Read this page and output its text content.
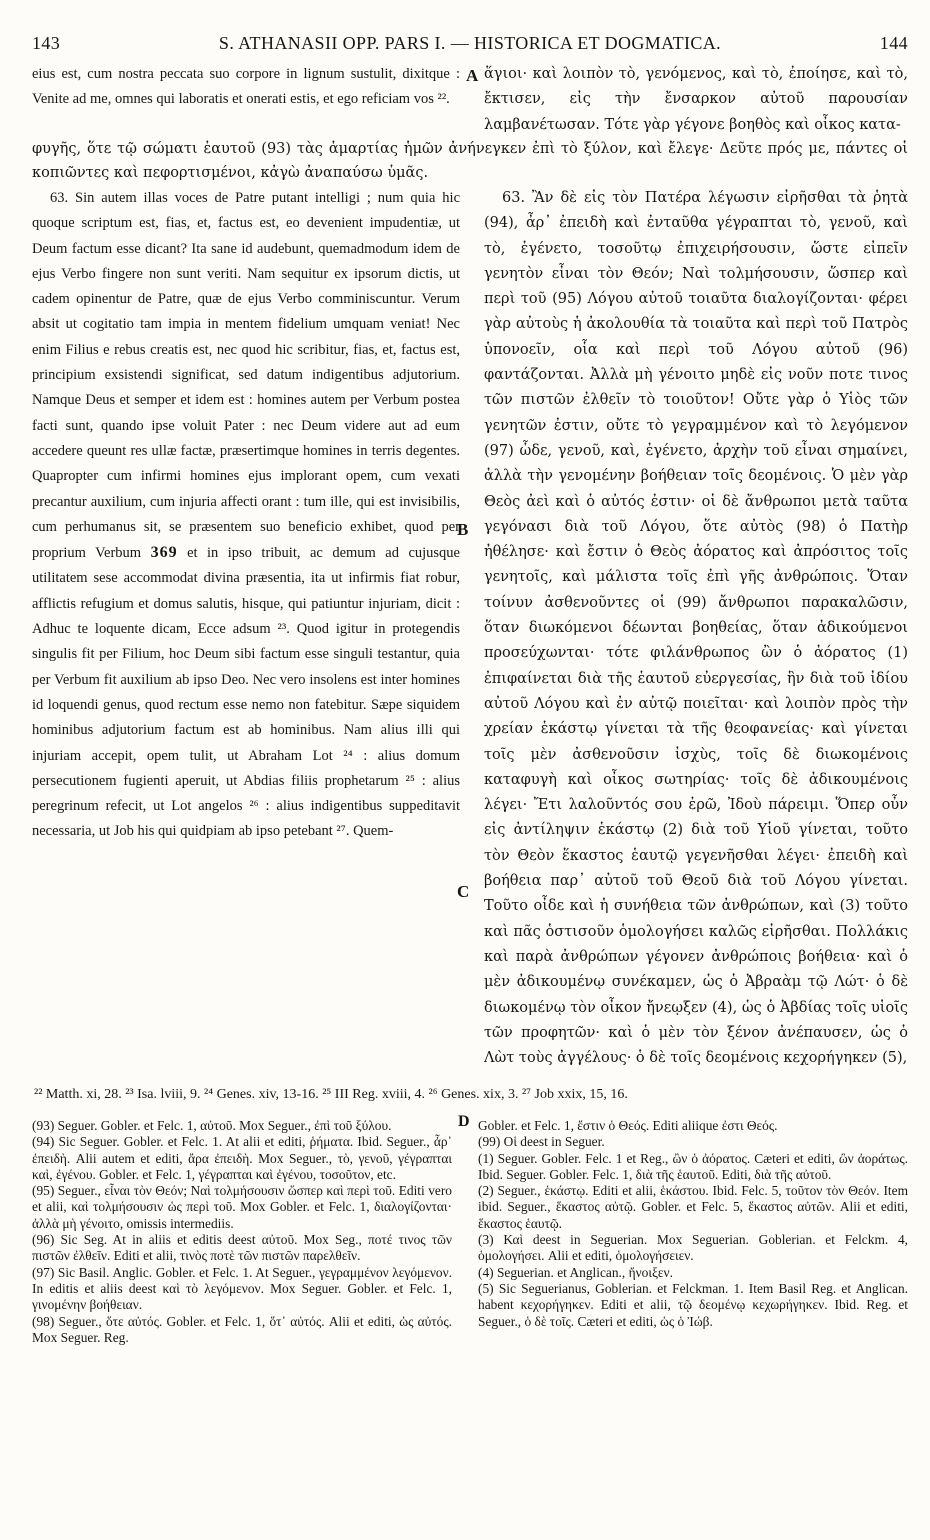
143	S. ATHANASII OPP. PARS I. — HISTORICA ET DOGMATICA.	144

eius est, cum nostra peccata suo corpore in lignum sustulit, dixitque : Venite ad me, omnes qui laboratis et onerati estis, et ego reficiam vos ²².

ἅγιοι· καὶ λοιπὸν τὸ, γενόμενος, καὶ τὸ, ἐποίησε, καὶ τὸ, ἔκτισεν, εἰς τὴν ἔνσαρκον αὐτοῦ παρουσίαν λαμβανέτωσαν. Τότε γὰρ γέγονε βοηθὸς καὶ οἶκος κατα-

A
φυγῆς, ὅτε τῷ σώματι ἑαυτοῦ (93) τὰς ἁμαρτίας ἡμῶν ἀνήνεγκεν ἐπὶ τὸ ξύλον, καὶ ἔλεγε· Δεῦτε πρός με, πάντες οἱ κοπιῶντες καὶ πεφορτισμένοι, κἀγὼ ἀναπαύσω ὑμᾶς.

63. Sin autem illas voces de Patre putant intelligi ; num quia hic quoque scriptum est, fias, et, factus est, eo devenient impudentiæ, ut Deum factum esse dicant? Ita sane id audebunt, quemadmodum idem de ejus Verbo fingere non sunt veriti. Nam sequitur ex ipsorum dictis, ut cadem opinentur de Patre, quæ de ejus Verbo comminiscuntur. Verum absit ut cogitatio tam impia in mentem fidelium umquam veniat! Nec enim Filius e rebus creatis est, nec quod hic scribitur, fias, et, factus est, principium exsistendi significat, sed datum indigentibus adjutorium. Namque Deus et semper et idem est : homines autem per Verbum postea facti sunt, quando ipse voluit Pater : nec Deum videre aut ad eum accedere queunt res ullæ factæ, præsertimque homines in terris degentes. Quapropter cum infirmi homines ejus implorant opem, cum vexati precantur auxilium, cum injuria affecti orant : tum ille, qui est invisibilis, cum perhumanus sit, se præsentem suo beneficio exhibet, quod per proprium Verbum 369 et in ipso tribuit, ac demum ad cujusque utilitatem sese accommodat divina præsentia, ita ut infirmis fiat robur, afflictis refugium et domus salutis, hisque, qui patiuntur injuriam, dicit : Adhuc te loquente dicam, Ecce adsum ²³. Quod igitur in protegendis singulis fit per Filium, hoc Deum sibi factum esse singuli testantur, quia per Verbum fit auxilium ab ipso Deo. Nec vero insolens est inter homines id loquendi genus, quod rectum esse nemo non fatebitur. Sæpe siquidem hominibus adjutorium factum est ab hominibus. Nam alius illi qui injuriam accepit, opem tulit, ut Abraham Lot ²⁴ : alius domum persecutionem fugienti aperuit, ut Abdias filiis prophetarum ²⁵ : alius peregrinum refecit, ut Lot angelos ²⁶ : alius indigentibus suppeditavit necessaria, ut Job his qui quidpiam ab ipso petebant ²⁷. Quem-

63. Ἂν δὲ εἰς τὸν Πατέρα λέγωσιν εἰρῆσθαι τὰ ῥητὰ (94), ἆρ᾽ ἐπειδὴ καὶ ἐνταῦθα γέγραπται τὸ, γενοῦ, καὶ τὸ, ἐγένετο, τοσοῦτῳ ἐπιχειρήσουσιν, ὥστε εἰπεῖν γενητὸν εἶναι τὸν Θεόν; Ναὶ τολμήσουσιν, ὥσπερ καὶ περὶ τοῦ (95) Λόγου αὐτοῦ τοιαῦτα διαλογίζονται· φέρει γὰρ αὐτοὺς ἡ ἀκολουθία τὰ τοιαῦτα καὶ περὶ τοῦ Πατρὸς ὑπονοεῖν, οἷα καὶ περὶ τοῦ Λόγου αὐτοῦ (96) φαντάζονται. Ἀλλὰ μὴ γένοιτο μηδὲ εἰς νοῦν ποτε τινος τῶν πιστῶν ἐλθεῖν τὸ τοιοῦτον! Οὔτε γὰρ ὁ Υἱὸς τῶν γενητῶν ἐστιν, οὔτε τὸ γεγραμμένον καὶ τὸ λεγόμενον (97) ὧδε, γενοῦ, καὶ, ἐγένετο, ἀρχὴν τοῦ εἶναι σημαίνει, ἀλλὰ τὴν γενομένην βοήθειαν τοῖς δεομένοις. Ὁ μὲν γὰρ Θεὸς ἀεὶ καὶ ὁ αὐτός ἐστιν· οἱ δὲ ἄνθρωποι μετὰ ταῦτα γεγόνασι διὰ τοῦ Λόγου, ὅτε αὐτὸς (98) ὁ Πατὴρ ἠθέλησε· καὶ ἔστιν ὁ Θεὸς ἀόρατος καὶ ἀπρόσιτος τοῖς γενητοῖς, καὶ μάλιστα τοῖς ἐπὶ γῆς ἀνθρώποις. Ὅταν τοίνυν ἀσθενοῦντες οἱ (99) ἄνθρωποι παρακαλῶσιν, ὅταν διωκόμενοι δέωνται βοηθείας, ὅταν ἀδικούμενοι προσεύχωνται· τότε φιλάνθρωπος ὢν ὁ ἀόρατος (1) ἐπιφαίνεται διὰ τῆς ἑαυτοῦ εὐεργεσίας, ἣν διὰ τοῦ ἰδίου αὐτοῦ Λόγου καὶ ἐν αὐτῷ ποιεῖται· καὶ λοιπὸν πρὸς τὴν χρείαν ἑκάστῳ γίνεται τὰ τῆς θεοφανείας· καὶ γίνεται τοῖς μὲν ἀσθενοῦσιν ἰσχὺς, τοῖς δὲ διωκομένοις καταφυγὴ καὶ οἶκος σωτηρίας· τοῖς δὲ ἀδικουμένοις λέγει· Ἔτι λαλοῦντός σου ἐρῶ, Ἰδοὺ πάρειμι. Ὅπερ οὖν εἰς ἀντίληψιν ἑκάστῳ (2) διὰ τοῦ Υἱοῦ γίνεται, τοῦτο τὸν Θεὸν ἕκαστος ἑαυτῷ γεγενῆσθαι λέγει· ἐπειδὴ καὶ βοήθεια παρ᾽ αὐτοῦ τοῦ Θεοῦ διὰ τοῦ Λόγου γίνεται. Τοῦτο οἶδε καὶ ἡ συνήθεια τῶν ἀνθρώπων, καὶ (3) τοῦτο καὶ πᾶς ὁστισοῦν ὁμολογήσει καλῶς εἰρῆσθαι. Πολλάκις καὶ παρὰ ἀνθρώπων γέγονεν ἀνθρώποις βοήθεια· καὶ ὁ μὲν ἀδικουμένῳ συνέκαμεν, ὡς ὁ Ἀβραὰμ τῷ Λώτ· ὁ δὲ διωκομένῳ τὸν οἶκον ἤνεῳξεν (4), ὡς ὁ Ἀβδίας τοῖς υἱοῖς τῶν προφητῶν· καὶ ὁ μὲν τὸν ξένον ἀνέπαυσεν, ὡς ὁ Λὼτ τοὺς ἀγγέλους· ὁ δὲ τοῖς δεομένοις κεχορήγηκεν (5),

B
C
²² Matth. xi, 28. ²³ Isa. lviii, 9. ²⁴ Genes. xiv, 13-16. ²⁵ III Reg. xviii, 4. ²⁶ Genes. xix, 3. ²⁷ Job xxix, 15, 16.
D

(93) Seguer. Gobler. et Felc. 1, αὐτοῦ. Mox Seguer., ἐπὶ τοῦ ξύλου.

(94) Sic Seguer. Gobler. et Felc. 1. At alii et editi, ῥήματα. Ibid. Seguer., ἆρ᾽ ἐπειδὴ. Alii autem et editi, ἄρα ἐπειδὴ. Mox Seguer., τὸ, γενοῦ, γέγραπται καὶ, ἐγένου. Gobler. et Felc. 1, γέγραπται καὶ ἐγένου, τοσοῦτον, etc.

(95) Seguer., εἶναι τὸν Θεόν; Ναὶ τολμήσουσιν ὥσπερ καὶ περὶ τοῦ. Editi vero et alii, καὶ τολμήσουσιν ὡς περὶ τοῦ. Mox Gobler. et Felc. 1, διαλογίζονται· ἀλλὰ μὴ γένοιτο, omissis intermediis.

(96) Sic Seg. At in aliis et editis deest αὐτοῦ. Mox Seg., ποτέ τινος τῶν πιστῶν ἐλθεῖν. Editi et alii, τινὸς ποτὲ τῶν πιστῶν παρελθεῖν.

(97) Sic Basil. Anglic. Gobler. et Felc. 1. At Seguer., γεγραμμένον λεγόμενον. In editis et aliis deest καὶ τὸ λεγόμενον. Mox Seguer. Gobler. et Felc. 1, γινομένην βοήθειαν.

(98) Seguer., ὅτε αὐτός. Gobler. et Felc. 1, ὅτ᾽ αὐτός. Alii et editi, ὡς αὐτός. Mox Seguer. Reg.

Gobler. et Felc. 1, ἔστιν ὁ Θεός. Editi aliique ἐστι Θεός.

(99) Οἱ deest in Seguer.

(1) Seguer. Gobler. Felc. 1 et Reg., ὢν ὁ ἀόρατος. Cæteri et editi, ὢν ἀοράτως. Ibid. Seguer. Gobler. Felc. 1, διὰ τῆς ἑαυτοῦ. Editi, διὰ τῆς αὐτοῦ.

(2) Seguer., ἑκάστῳ. Editi et alii, ἑκάστου. Ibid. Felc. 5, τοῦτον τὸν Θεόν. Item ibid. Seguer., ἕκαστος αὐτῷ. Gobler. et Felc. 5, ἕκαστος αὐτῶν. Alii et editi, ἕκαστος ἑαυτῷ.

(3) Καὶ deest in Seguerian. Mox Seguerian. Goblerian. et Felckm. 4, ὁμολογήσει. Alii et editi, ὁμολογήσειεν.

(4) Seguerian. et Anglican., ἤνοιξεν.

(5) Sic Seguerianus, Goblerian. et Felckman. 1. Item Basil Reg. et Anglican. habent κεχορήγηκεν. Editi et alii, τῷ δεομένῳ κεχωρήγηκεν. Ibid. Reg. et Seguer., ὁ δὲ τοῖς. Cæteri et editi, ὡς ὁ Ἰώβ.
